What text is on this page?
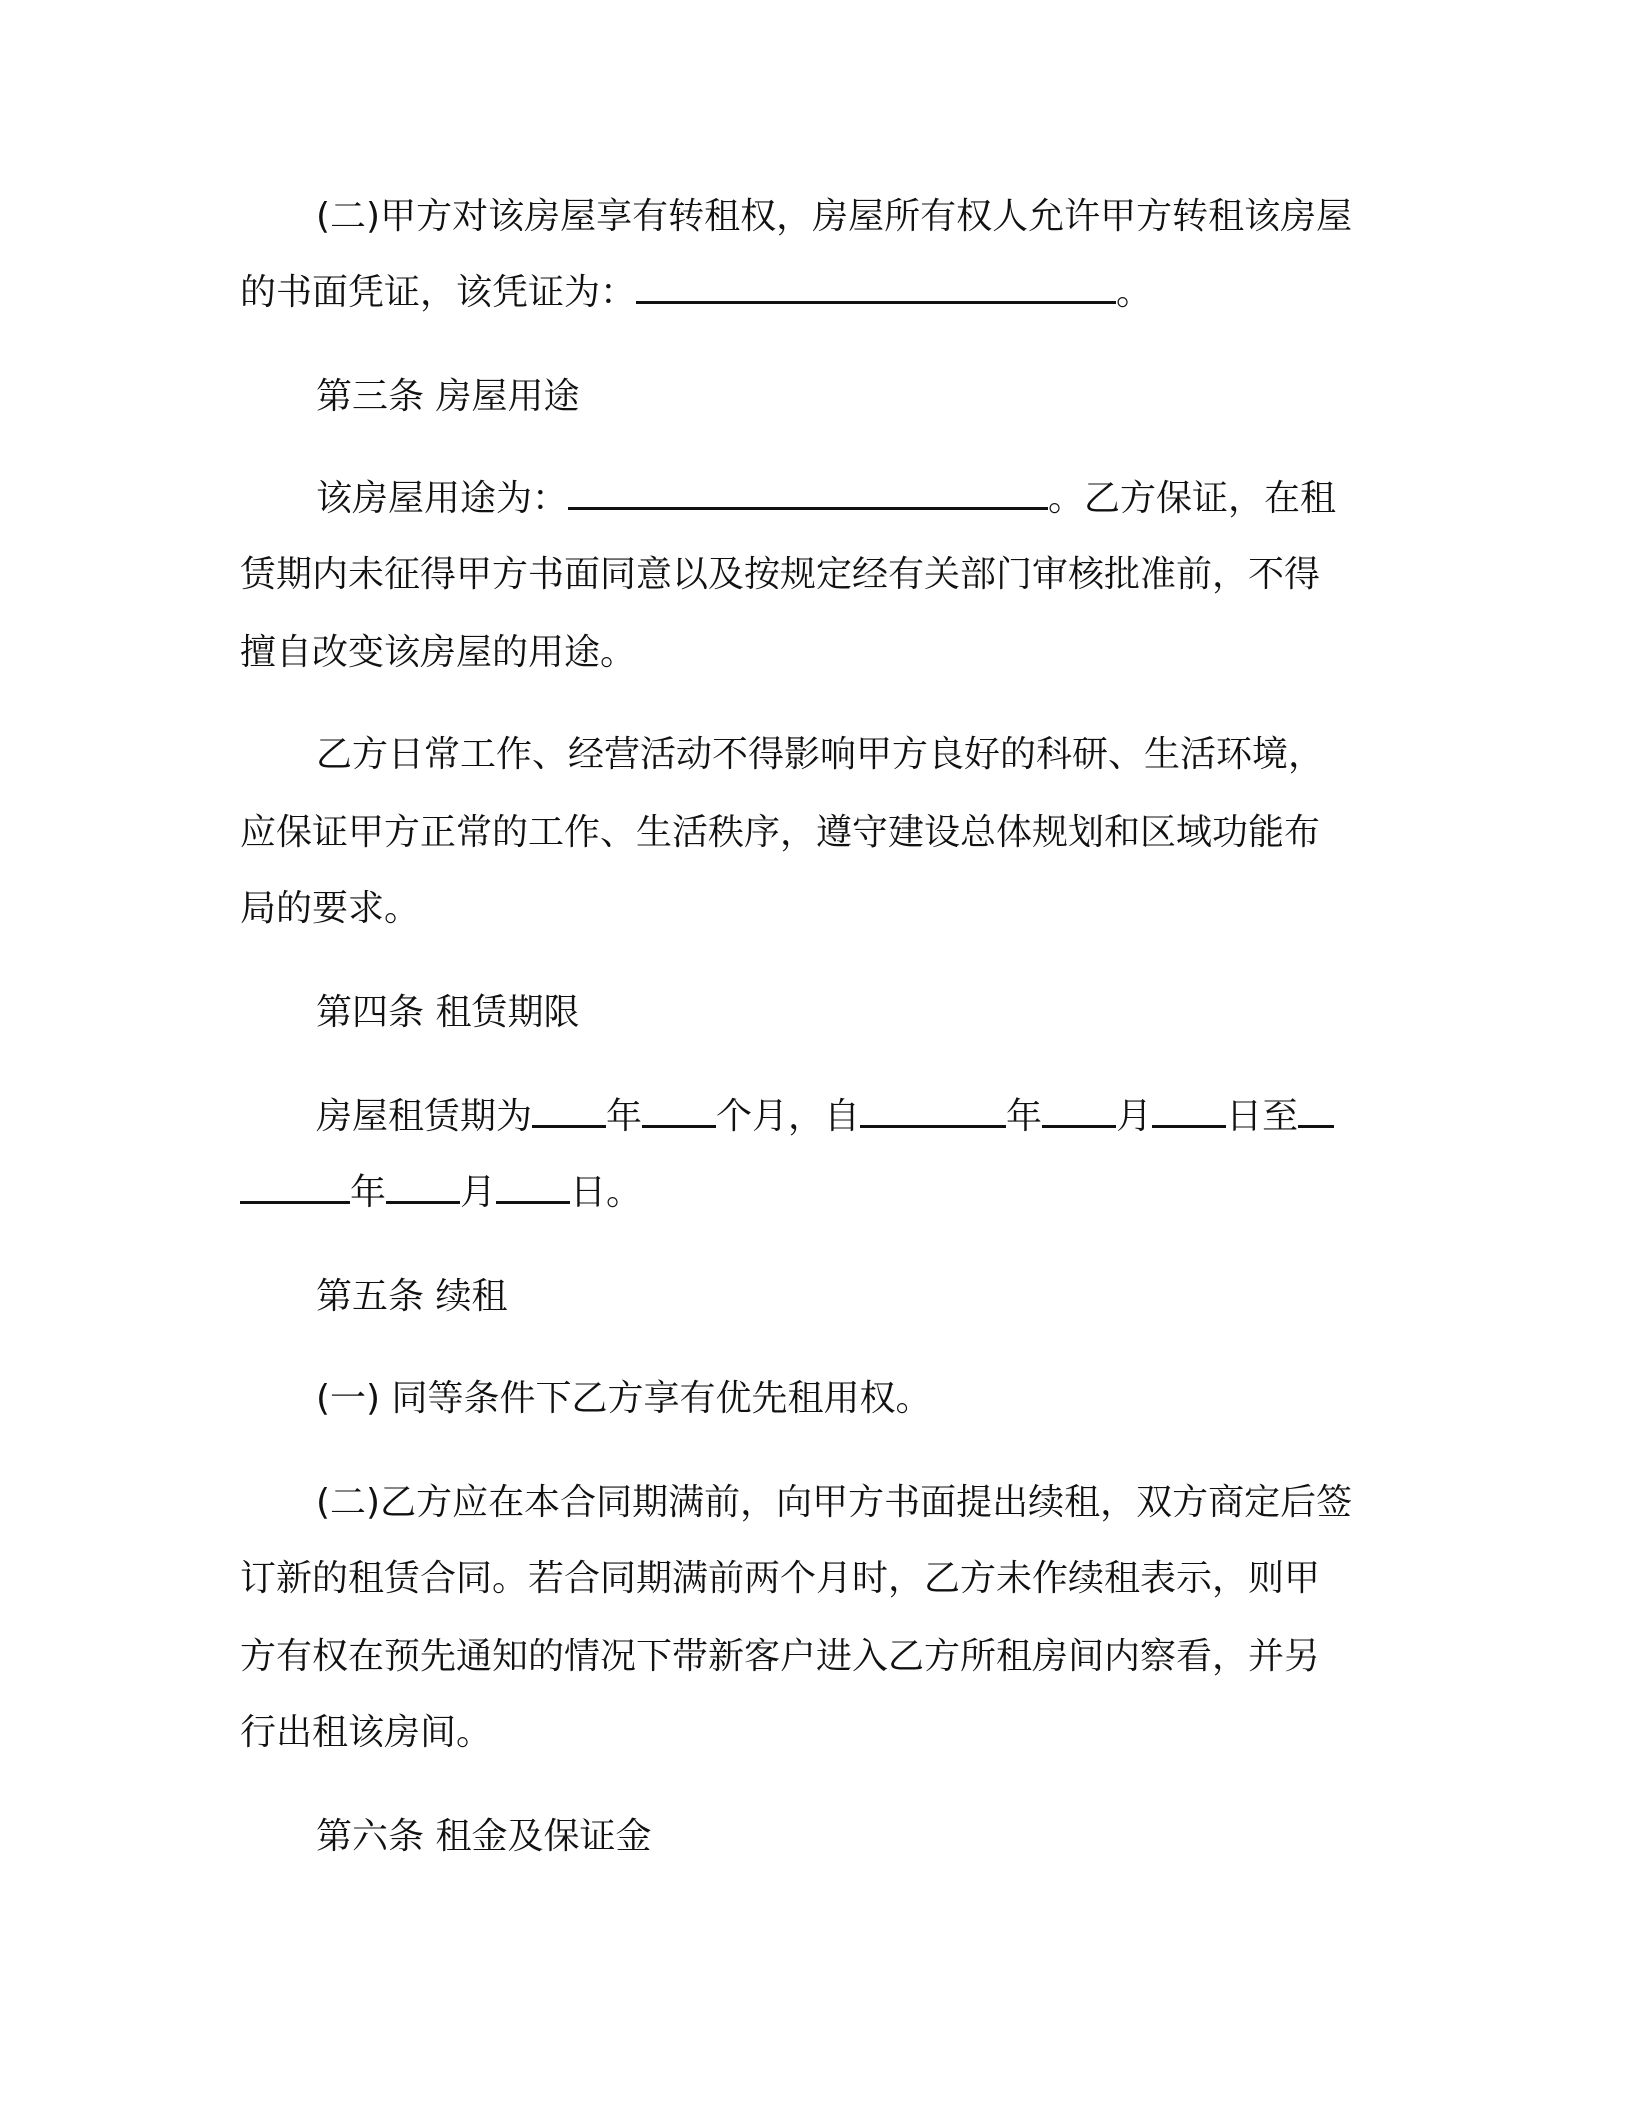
(二)甲方对该房屋享有转租权，房屋所有权人允许甲方转租该房屋
的书面凭证，该凭证为：	。
第三条 房屋用途
该房屋用途为：	。乙方保证，在租
赁期内未征得甲方书面同意以及按规定经有关部门审核批准前，不得
擅自改变该房屋的用途。
乙方日常工作、经营活动不得影响甲方良好的科研、生活环境，
应保证甲方正常的工作、生活秩序，遵守建设总体规划和区域功能布
局的要求。
第四条 租赁期限
房屋租赁期为 年 个月，自	年 月 日至
年 月 日。
第五条 续租
(一) 同等条件下乙方享有优先租用权。
(二)乙方应在本合同期满前，向甲方书面提出续租，双方商定后签
订新的租赁合同。若合同期满前两个月时，乙方未作续租表示，则甲
方有权在预先通知的情况下带新客户进入乙方所租房间内察看，并另
行出租该房间。
第六条 租金及保证金
